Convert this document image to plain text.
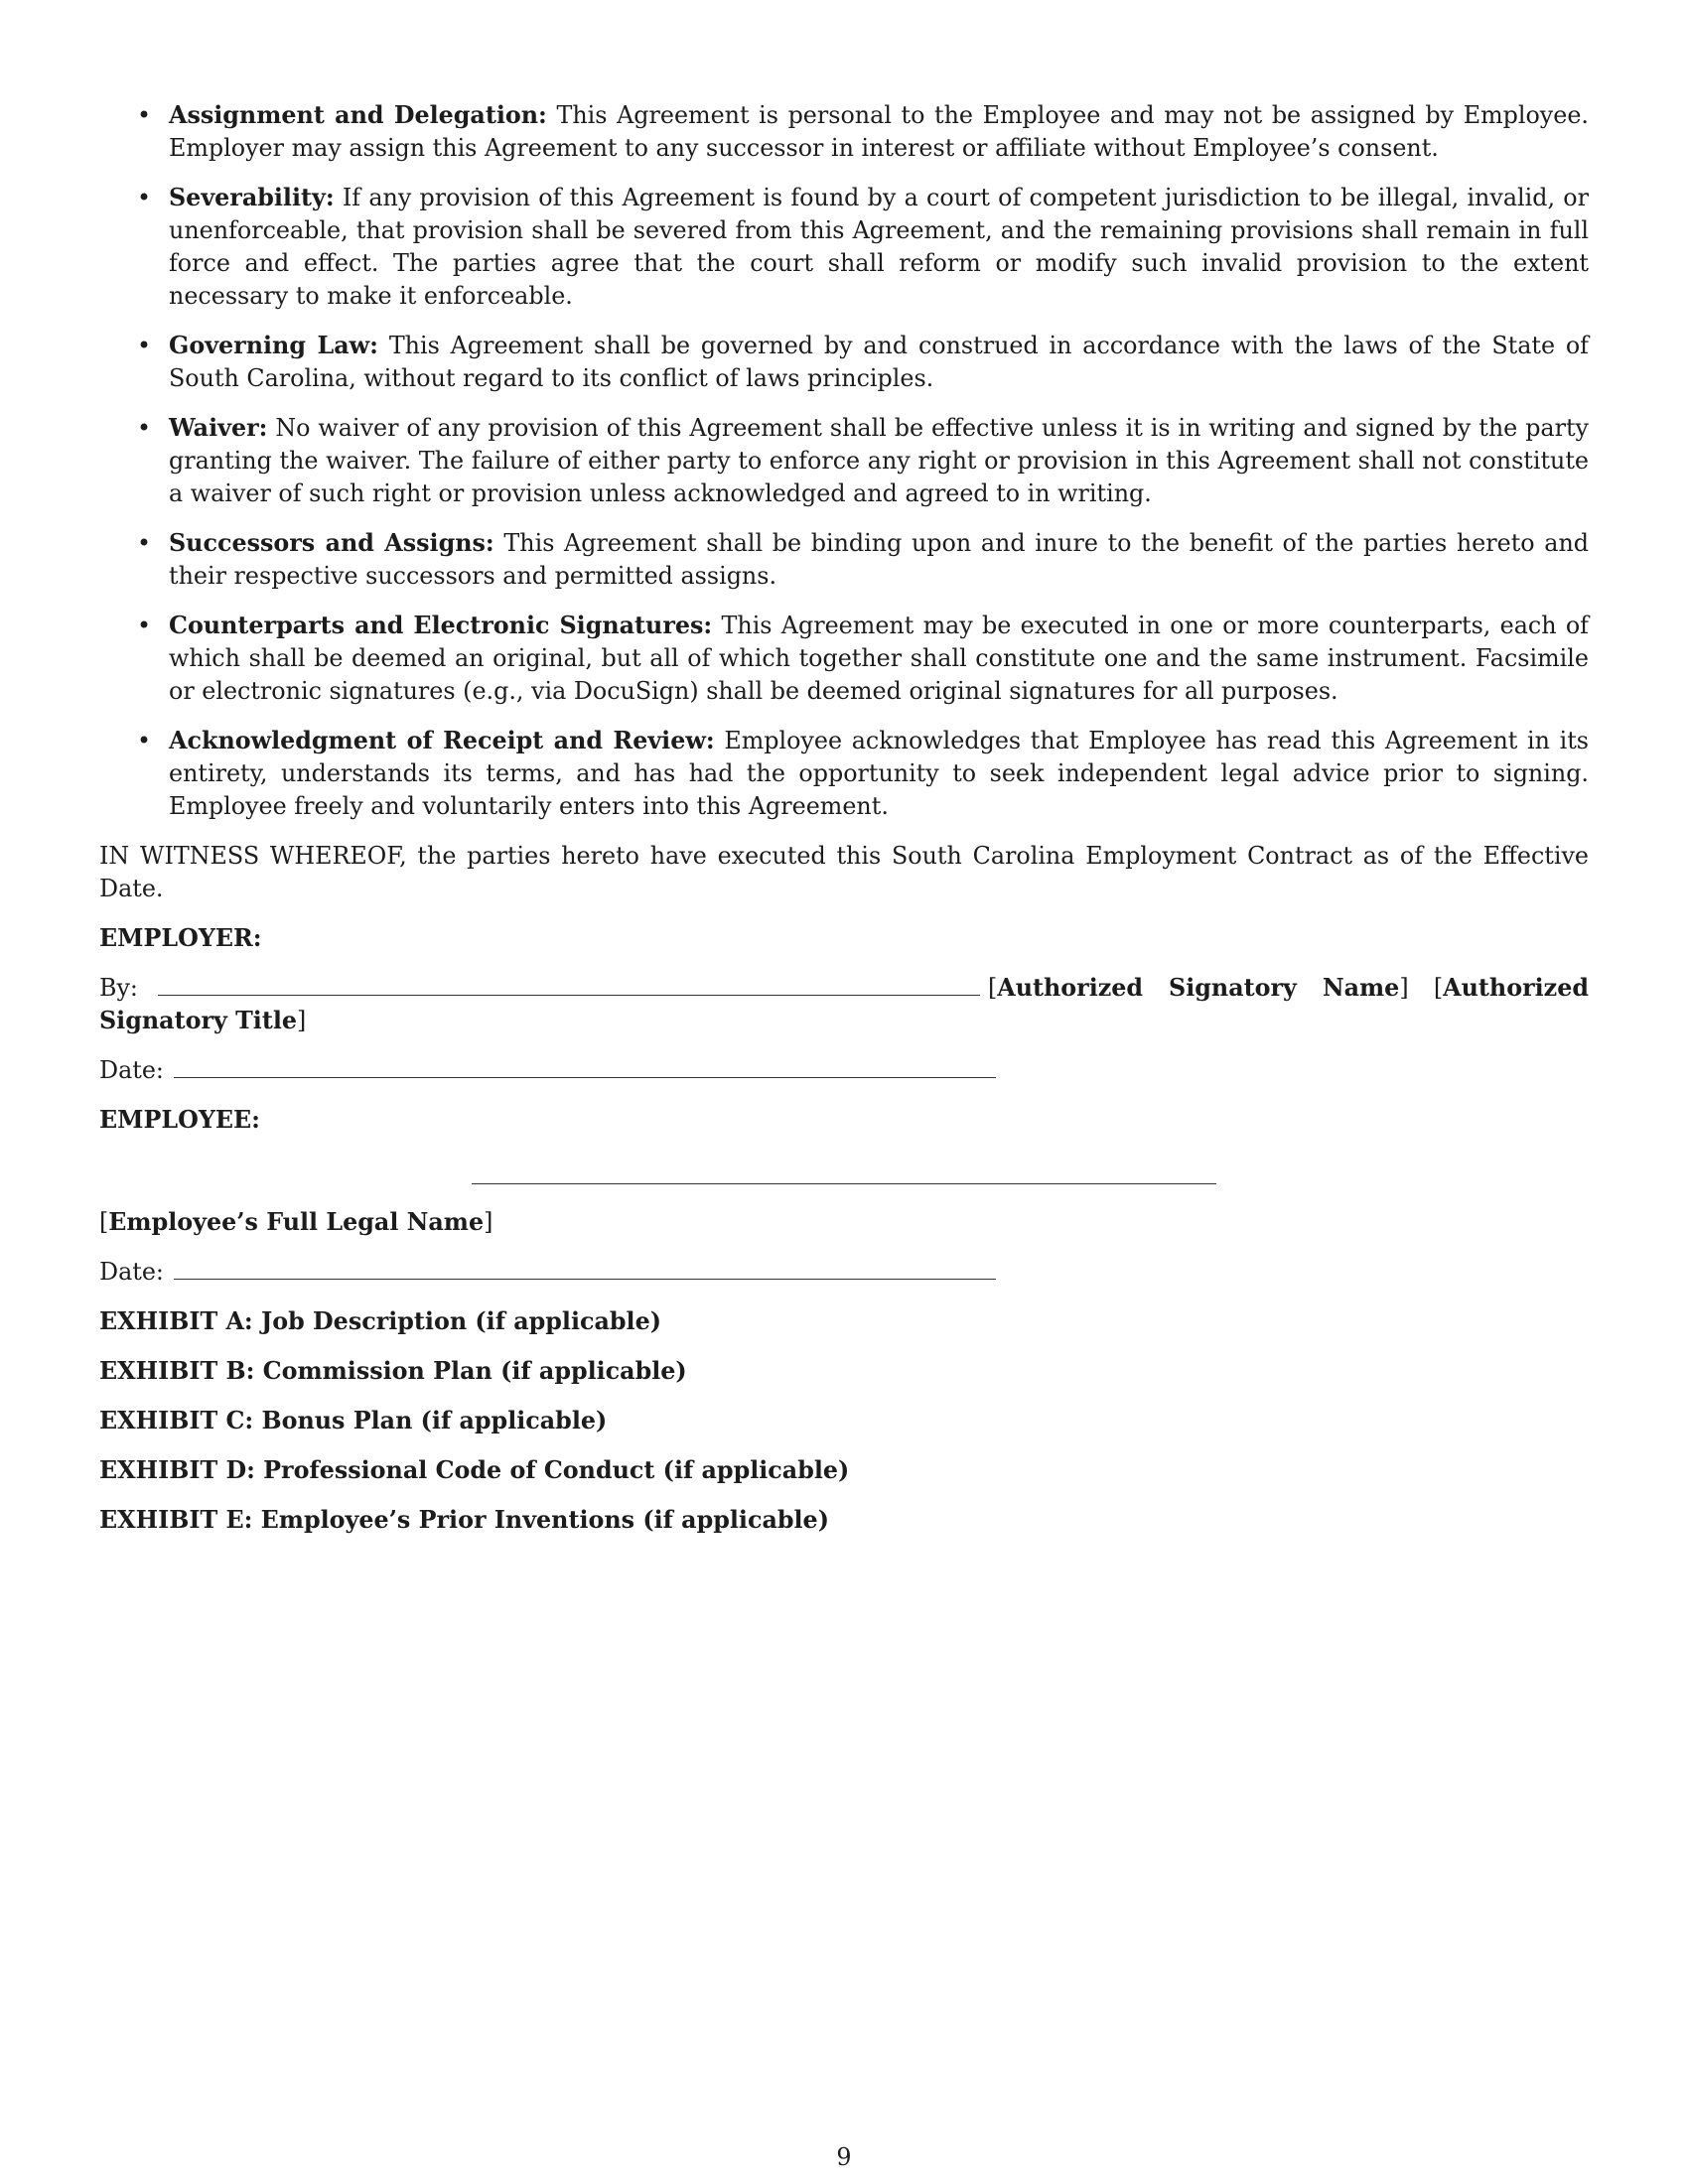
• Assignment and Delegation: This Agreement is personal to the Employee and may not be assigned by Employee. Employer may assign this Agreement to any successor in interest or affiliate without Employee’s consent.
• Severability: If any provision of this Agreement is found by a court of competent jurisdiction to be illegal, invalid, or unenforceable, that provision shall be severed from this Agreement, and the remaining provisions shall remain in full force and effect. The parties agree that the court shall reform or modify such invalid provision to the extent necessary to make it enforceable.
• Governing Law: This Agreement shall be governed by and construed in accordance with the laws of the State of South Carolina, without regard to its conflict of laws principles.
• Waiver: No waiver of any provision of this Agreement shall be effective unless it is in writing and signed by the party granting the waiver. The failure of either party to enforce any right or provision in this Agreement shall not constitute a waiver of such right or provision unless acknowledged and agreed to in writing.
• Successors and Assigns: This Agreement shall be binding upon and inure to the benefit of the parties hereto and their respective successors and permitted assigns.
• Counterparts and Electronic Signatures: This Agreement may be executed in one or more counterparts, each of which shall be deemed an original, but all of which together shall constitute one and the same instrument. Facsimile or electronic signatures (e.g., via DocuSign) shall be deemed original signatures for all purposes.
• Acknowledgment of Receipt and Review: Employee acknowledges that Employee has read this Agreement in its entirety, understands its terms, and has had the opportunity to seek independent legal advice prior to signing. Employee freely and voluntarily enters into this Agreement.

IN WITNESS WHEREOF, the parties hereto have executed this South Carolina Employment Contract as of the Effective Date.

EMPLOYER:

By:	[Authorized Signatory Name] [Authorized Signatory Title]

Date:

EMPLOYEE:

[Employee’s Full Legal Name]

Date:

EXHIBIT A: Job Description (if applicable)

EXHIBIT B: Commission Plan (if applicable)

EXHIBIT C: Bonus Plan (if applicable)

EXHIBIT D: Professional Code of Conduct (if applicable)

EXHIBIT E: Employee’s Prior Inventions (if applicable)

9
